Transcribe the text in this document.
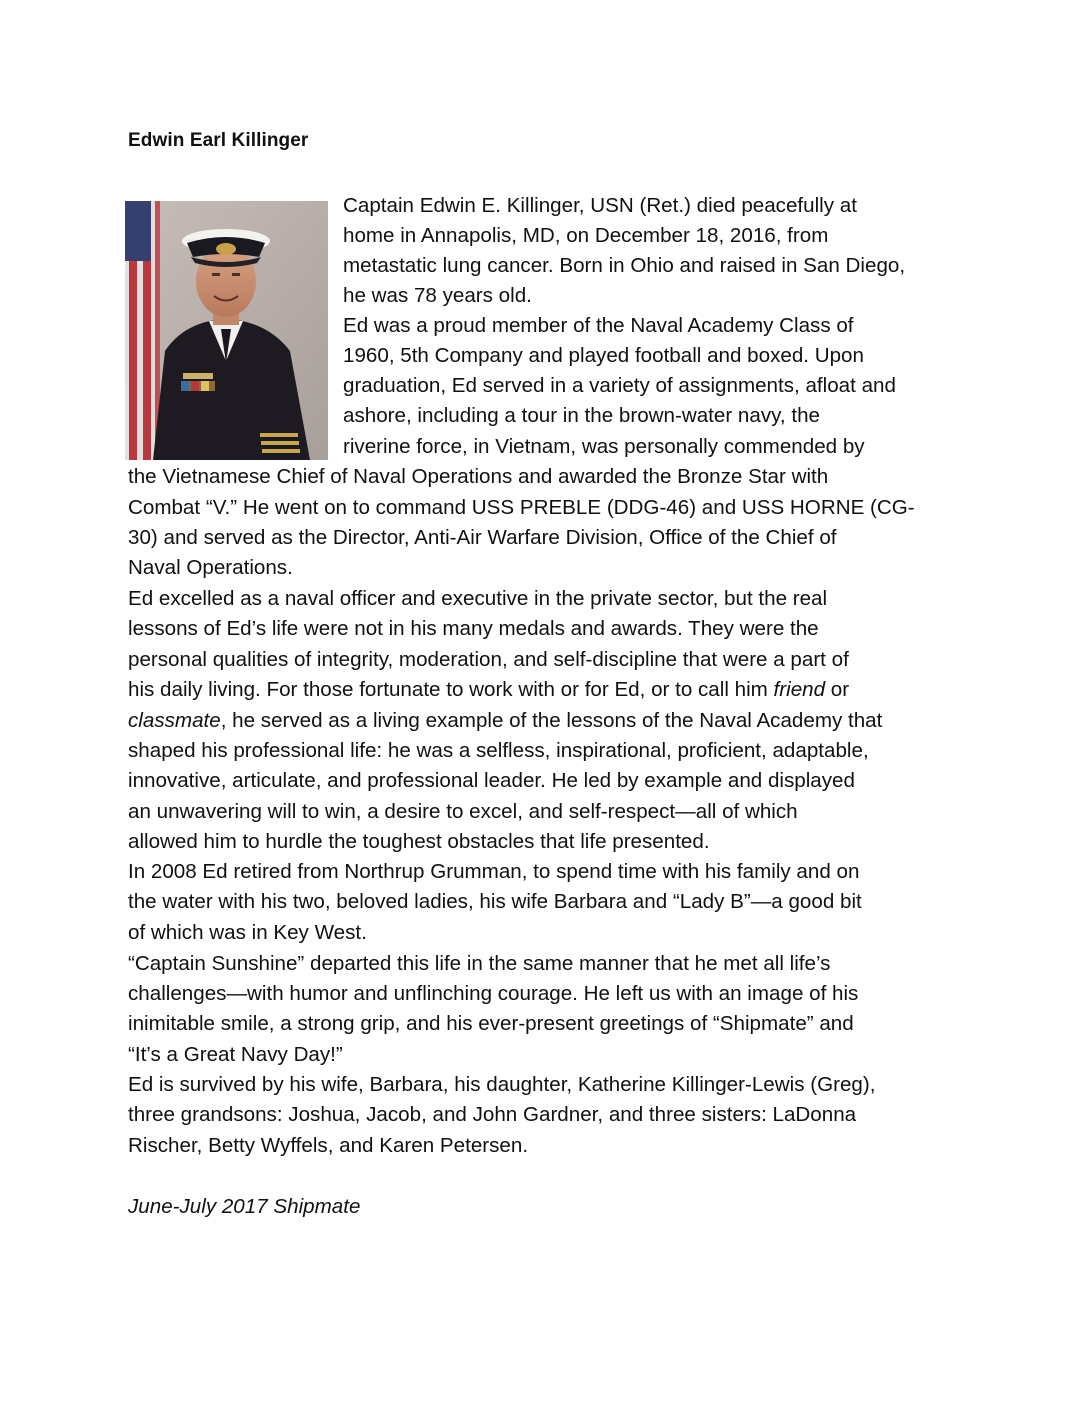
Edwin Earl Killinger
Captain Edwin E. Killinger, USN (Ret.) died peacefully at
home in Annapolis, MD, on December 18, 2016, from
metastatic lung cancer. Born in Ohio and raised in San Diego,
he was 78 years old.
Ed was a proud member of the Naval Academy Class of
1960, 5th Company and played football and boxed. Upon
graduation, Ed served in a variety of assignments, afloat and
ashore, including a tour in the brown-water navy, the
riverine force, in Vietnam, was personally commended by
the Vietnamese Chief of Naval Operations and awarded the Bronze Star with
Combat “V.” He went on to command USS PREBLE (DDG-46) and USS HORNE (CG-
30) and served as the Director, Anti-Air Warfare Division, Office of the Chief of
Naval Operations.
Ed excelled as a naval officer and executive in the private sector, but the real
lessons of Ed’s life were not in his many medals and awards. They were the
personal qualities of integrity, moderation, and self-discipline that were a part of
his daily living. For those fortunate to work with or for Ed, or to call him friend or
classmate, he served as a living example of the lessons of the Naval Academy that
shaped his professional life: he was a selfless, inspirational, proficient, adaptable,
innovative, articulate, and professional leader. He led by example and displayed
an unwavering will to win, a desire to excel, and self-respect—all of which
allowed him to hurdle the toughest obstacles that life presented.
In 2008 Ed retired from Northrup Grumman, to spend time with his family and on
the water with his two, beloved ladies, his wife Barbara and “Lady B”—a good bit
of which was in Key West.
“Captain Sunshine” departed this life in the same manner that he met all life’s
challenges—with humor and unflinching courage. He left us with an image of his
inimitable smile, a strong grip, and his ever-present greetings of “Shipmate” and
“It’s a Great Navy Day!”
Ed is survived by his wife, Barbara, his daughter, Katherine Killinger-Lewis (Greg),
three grandsons: Joshua, Jacob, and John Gardner, and three sisters: LaDonna
Rischer, Betty Wyffels, and Karen Petersen.
June-July 2017 Shipmate
